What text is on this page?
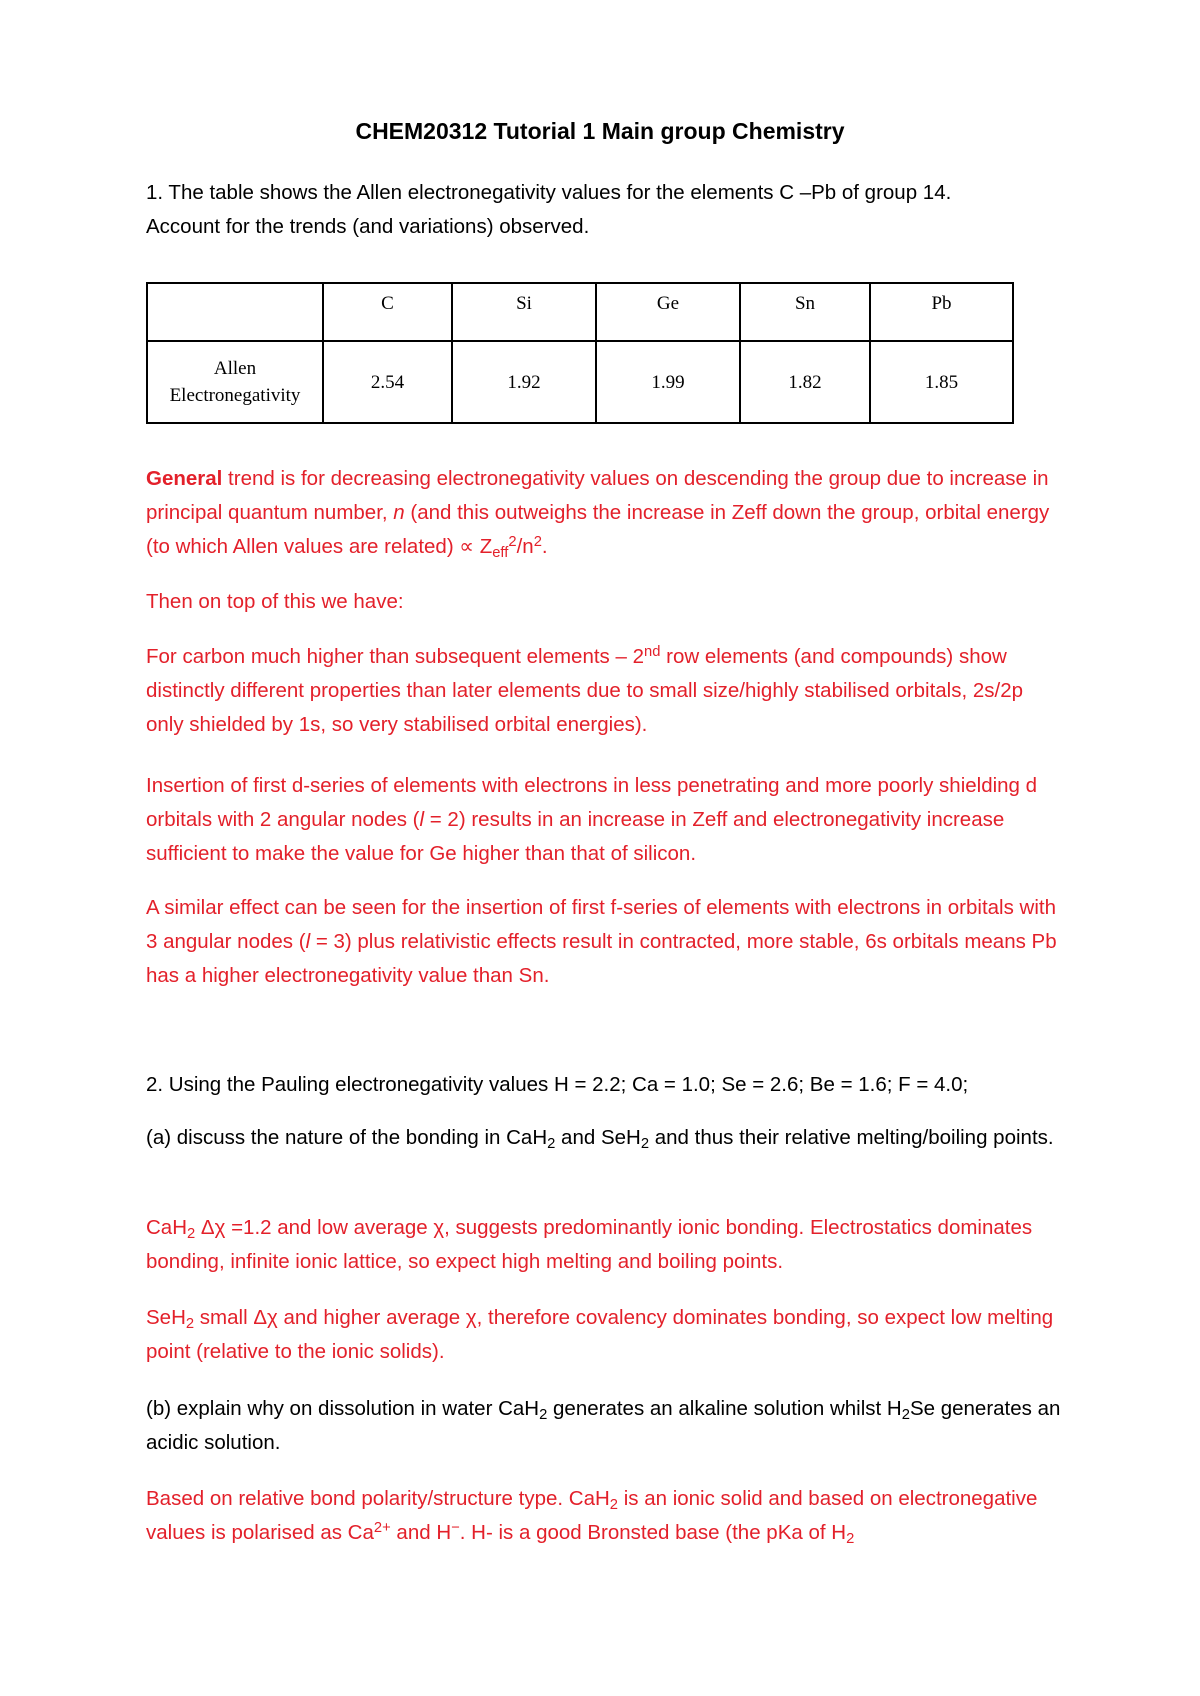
CHEM20312 Tutorial 1 Main group Chemistry

1. The table shows the Allen electronegativity values for the elements C –Pb of group 14.
Account for the trends (and variations) observed.

	C	Si	Ge	Sn	Pb
Allen
Electronegativity	2.54	1.92	1.99	1.82	1.85

General trend is for decreasing electronegativity values on descending the group due to increase in principal quantum number, n (and this outweighs the increase in Zeff down the group, orbital energy (to which Allen values are related) ∝ $Z_{eff}^2/n^2$.

Then on top of this we have:

For carbon much higher than subsequent elements – 2nd row elements (and compounds) show distinctly different properties than later elements due to small size/highly stabilised orbitals, 2s/2p only shielded by 1s, so very stabilised orbital energies).

Insertion of first d-series of elements with electrons in less penetrating and more poorly shielding d orbitals with 2 angular nodes (l = 2) results in an increase in Zeff and electronegativity increase sufficient to make the value for Ge higher than that of silicon.

A similar effect can be seen for the insertion of first f-series of elements with electrons in orbitals with 3 angular nodes (l = 3) plus relativistic effects result in contracted, more stable, 6s orbitals means Pb has a higher electronegativity value than Sn.

2. Using the Pauling electronegativity values H = 2.2; Ca = 1.0; Se = 2.6; Be = 1.6; F = 4.0;

(a) discuss the nature of the bonding in CaH$_2$ and SeH$_2$ and thus their relative melting/boiling points.

CaH$_2$ Δχ =1.2 and low average χ, suggests predominantly ionic bonding. Electrostatics dominates bonding, infinite ionic lattice, so expect high melting and boiling points.

SeH$_2$ small Δχ and higher average χ, therefore covalency dominates bonding, so expect low melting point (relative to the ionic solids).

(b) explain why on dissolution in water CaH$_2$ generates an alkaline solution whilst $H_2Se$ generates an acidic solution.

Based on relative bond polarity/structure type. CaH$_2$ is an ionic solid and based on electronegative values is polarised as $Ca^{2+}$ and H−. H- is a good Bronsted base (the pKa of $H_2$
